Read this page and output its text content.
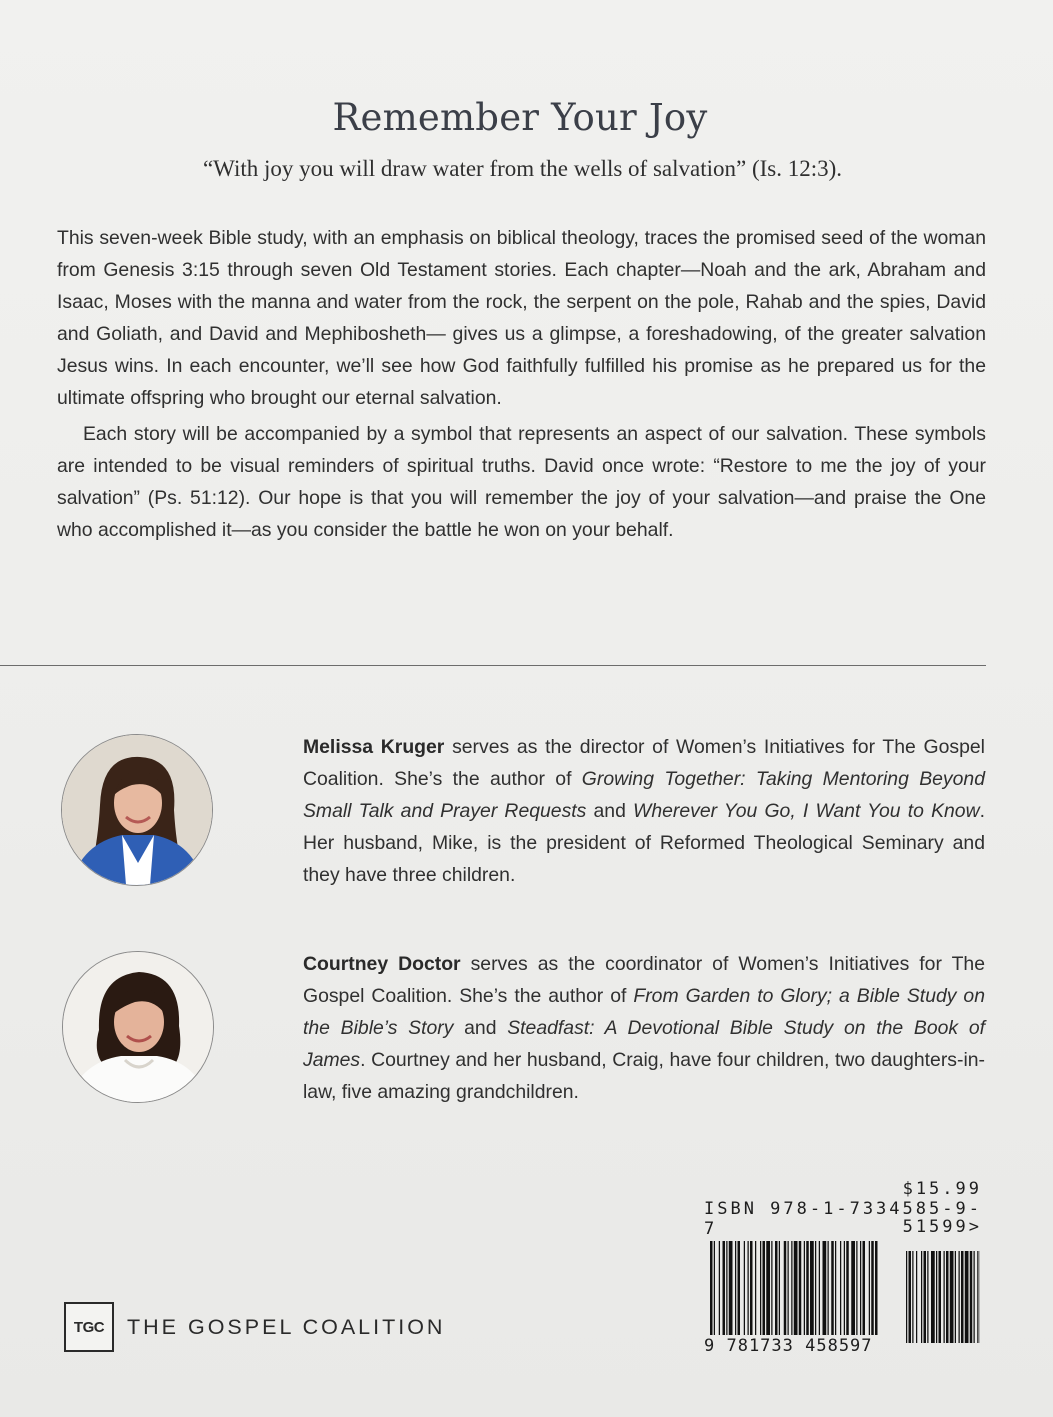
Remember Your Joy
“With joy you will draw water from the wells of salvation” (Is. 12:3).

This seven-week Bible study, with an emphasis on biblical theology, traces the promised seed of the woman from Genesis 3:15 through seven Old Testament stories. Each chapter—Noah and the ark, Abraham and Isaac, Moses with the manna and water from the rock, the serpent on the pole, Rahab and the spies, David and Goliath, and David and Mephibosheth— gives us a glimpse, a foreshadowing, of the greater salvation Jesus wins. In each encounter, we’ll see how God faithfully fulfilled his promise as he prepared us for the ultimate offspring who brought our eternal salvation.

Each story will be accompanied by a symbol that represents an aspect of our salvation. These symbols are intended to be visual reminders of spiritual truths. David once wrote: “Restore to me the joy of your salvation” (Ps. 51:12). Our hope is that you will remember the joy of your salvation—and praise the One who accomplished it—as you consider the battle he won on your behalf.

Melissa Kruger serves as the director of Women’s Initiatives for The Gospel Coalition. She’s the author of Growing Together: Taking Mentoring Beyond Small Talk and Prayer Requests and Wherever You Go, I Want You to Know. Her husband, Mike, is the president of Reformed Theological Seminary and they have three children.
Courtney Doctor serves as the coordinator of Women’s Initiatives for The Gospel Coalition. She’s the author of From Garden to Glory; a Bible Study on the Bible’s Story and Steadfast: A Devotional Bible Study on the Book of James. Courtney and her husband, Craig, have four children, two daughters-in-law, five amazing grandchildren.
$15.99
ISBN 978-1-7334585-9-7	51599>
9 781733 458597
TGC	THE GOSPEL COALITION
